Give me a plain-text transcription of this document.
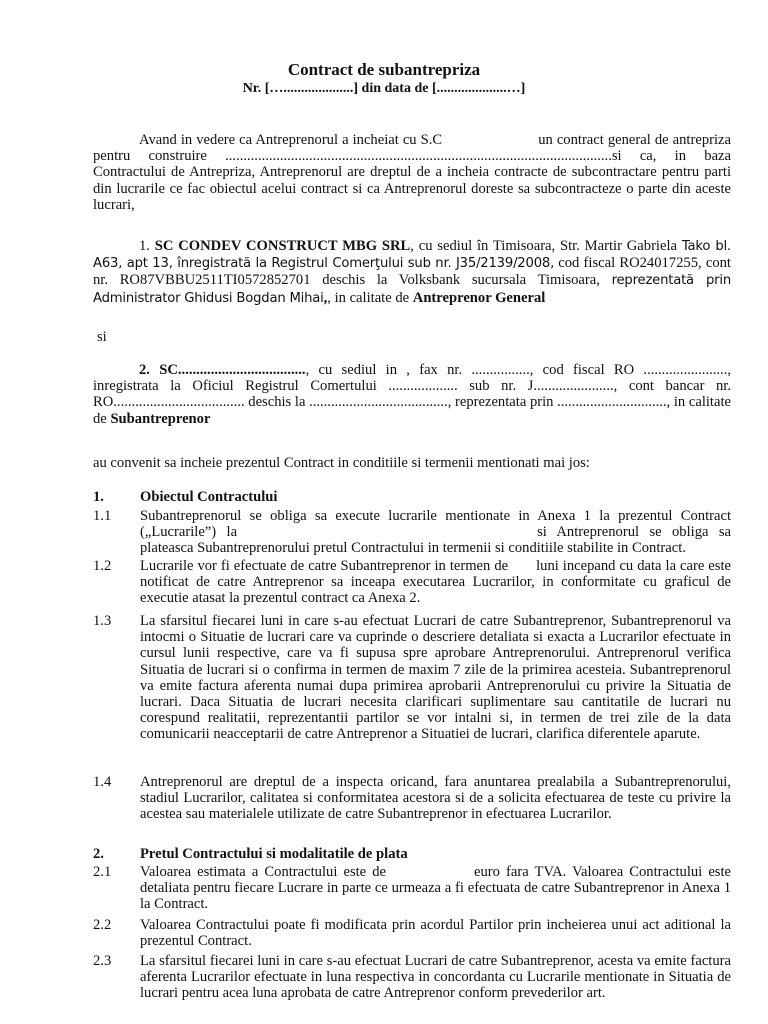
Contract de subantrepriza
Nr. […....................] din data de [....................…]
Avand in vedere ca Antreprenorul a incheiat cu S.C	un contract general de antrepriza pentru construire ..........................................................................................................si ca, in baza Contractului de Antrepriza, Antreprenorul are dreptul de a incheia contracte de subcontractare pentru parti din lucrarile ce fac obiectul acelui contract si ca Antreprenorul doreste sa subcontracteze o parte din aceste lucrari,
1. SC CONDEV CONSTRUCT MBG SRL, cu sediul în Timisoara, Str. Martir Gabriela Tako bl. A63, apt 13, înregistrată la Registrul Comerţului sub nr. J35/2139/2008, cod fiscal RO24017255, cont nr. RO87VBBU2511TI0572852701 deschis la Volksbank sucursala Timisoara, reprezentată prin Administrator Ghidusi Bogdan Mihai,, in calitate de Antreprenor General
si
2. SC..................................., cu sediul in , fax nr. ................, cod fiscal RO ......................., inregistrata la Oficiul Registrul Comertului ................... sub nr. J......................, cont bancar nr. RO.................................... deschis la ......................................, reprezentata prin .............................., in calitate de Subantreprenor
au convenit sa incheie prezentul Contract in conditiile si termenii mentionati mai jos:
1. Obiectul Contractului
1.1 Subantreprenorul se obliga sa execute lucrarile mentionate in Anexa 1 la prezentul Contract („Lucrarile”) la	si Antreprenorul se obliga sa plateasca Subantreprenorului pretul Contractului in termenii si conditiile stabilite in Contract.
1.2 Lucrarile vor fi efectuate de catre Subantreprenor in termen de luni incepand cu data la care este notificat de catre Antreprenor sa inceapa executarea Lucrarilor, in conformitate cu graficul de executie atasat la prezentul contract ca Anexa 2.
1.3 La sfarsitul fiecarei luni in care s-au efectuat Lucrari de catre Subantreprenor, Subantreprenorul va intocmi o Situatie de lucrari care va cuprinde o descriere detaliata si exacta a Lucrarilor efectuate in cursul lunii respective, care va fi supusa spre aprobare Antreprenorului. Antreprenorul verifica Situatia de lucrari si o confirma in termen de maxim 7 zile de la primirea acesteia. Subantreprenorul va emite factura aferenta numai dupa primirea aprobarii Antreprenorului cu privire la Situatia de lucrari. Daca Situatia de lucrari necesita clarificari suplimentare sau cantitatile de lucrari nu corespund realitatii, reprezentantii partilor se vor intalni si, in termen de trei zile de la data comunicarii neacceptarii de catre Antreprenor a Situatiei de lucrari, clarifica diferentele aparute.
1.4 Antreprenorul are dreptul de a inspecta oricand, fara anuntarea prealabila a Subantreprenorului, stadiul Lucrarilor, calitatea si conformitatea acestora si de a solicita efectuarea de teste cu privire la acestea sau materialele utilizate de catre Subantreprenor in efectuarea Lucrarilor.
2. Pretul Contractului si modalitatile de plata
2.1 Valoarea estimata a Contractului este de	euro fara TVA. Valoarea Contractului este detaliata pentru fiecare Lucrare in parte ce urmeaza a fi efectuata de catre Subantreprenor in Anexa 1 la Contract.
2.2 Valoarea Contractului poate fi modificata prin acordul Partilor prin incheierea unui act aditional la prezentul Contract.
2.3 La sfarsitul fiecarei luni in care s-au efectuat Lucrari de catre Subantreprenor, acesta va emite factura aferenta Lucrarilor efectuate in luna respectiva in concordanta cu Lucrarile mentionate in Situatia de lucrari pentru acea luna aprobata de catre Antreprenor conform prevederilor art.
